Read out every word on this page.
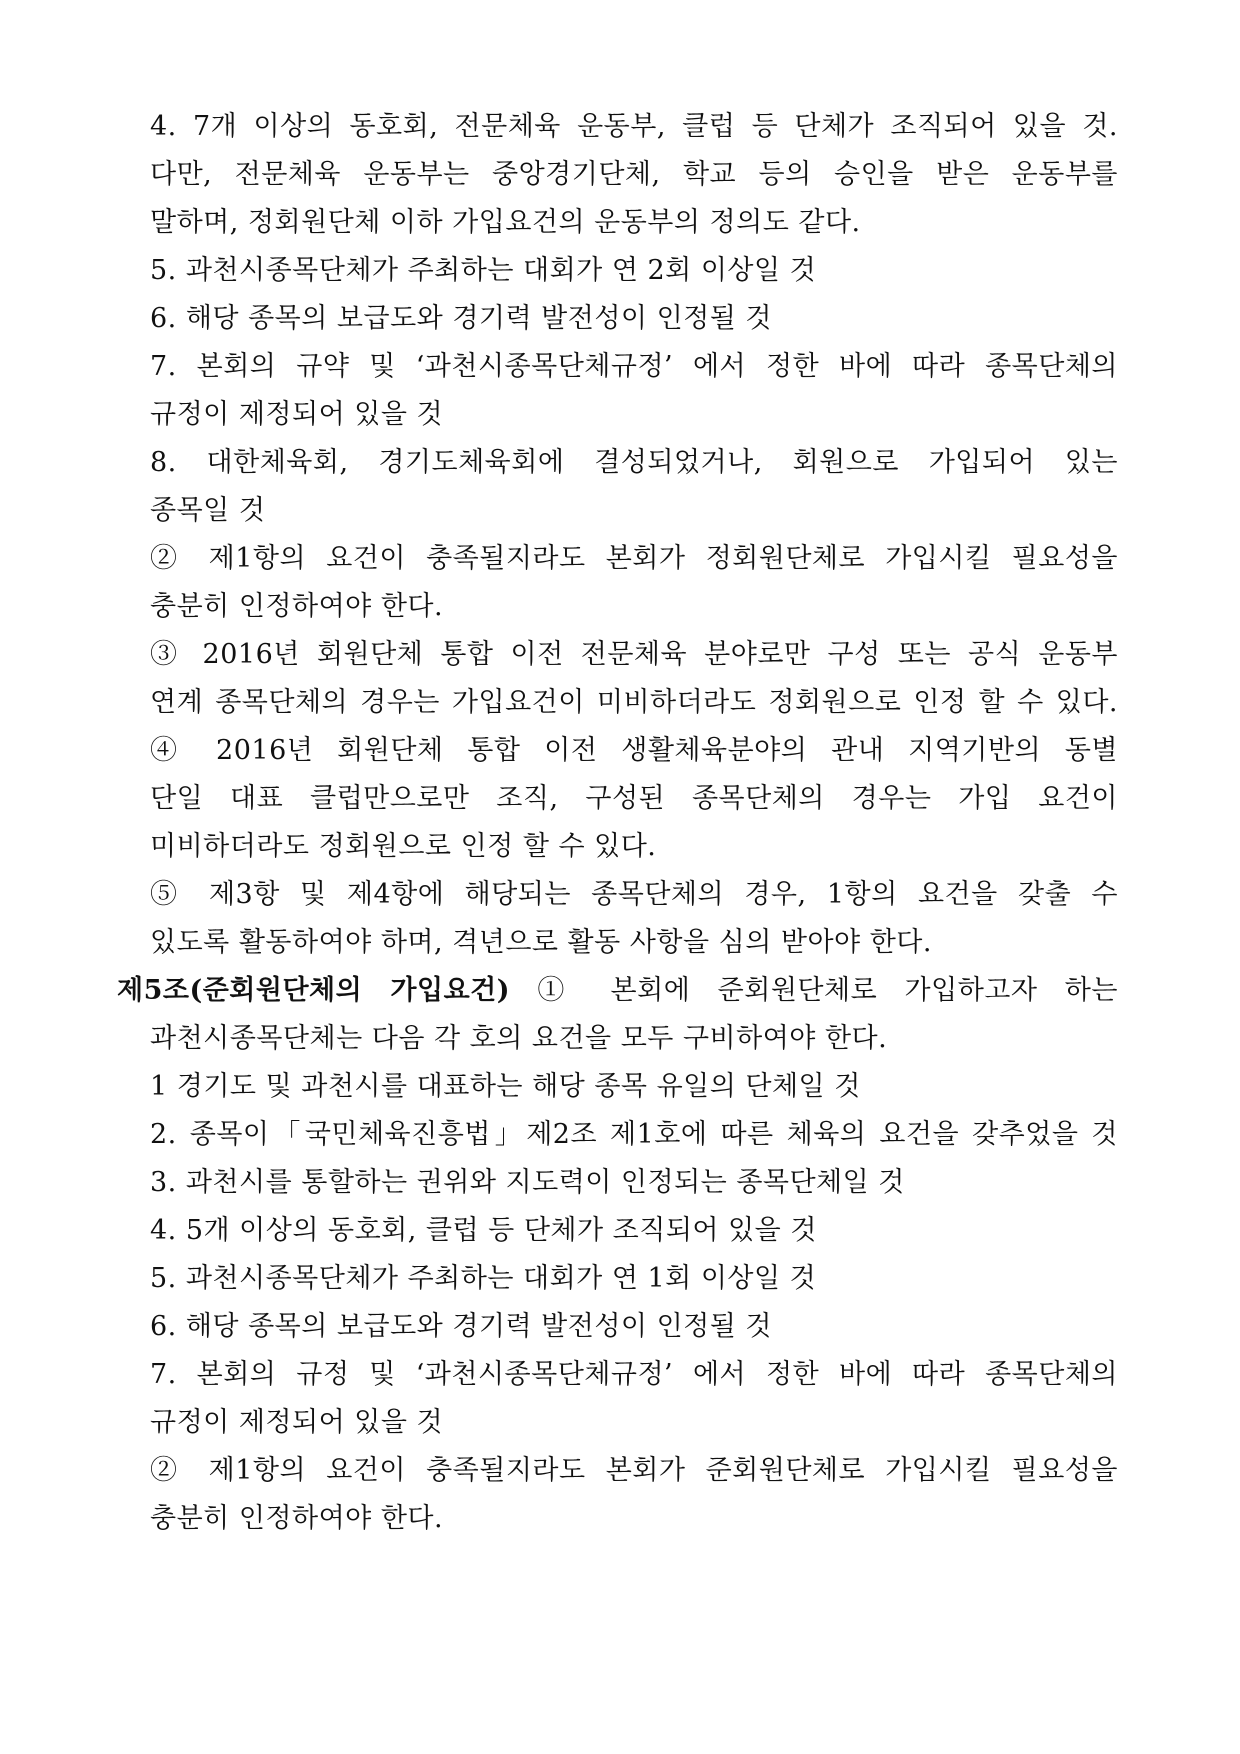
4. 7개 이상의 동호회, 전문체육 운동부, 클럽 등 단체가 조직되어 있을 것.
다만, 전문체육 운동부는 중앙경기단체, 학교 등의 승인을 받은 운동부를
말하며, 정회원단체 이하 가입요건의 운동부의 정의도 같다.
5. 과천시종목단체가 주최하는 대회가 연 2회 이상일 것
6. 해당 종목의 보급도와 경기력 발전성이 인정될 것
7. 본회의 규약 및 ‘과천시종목단체규정’ 에서 정한 바에 따라 종목단체의
규정이 제정되어 있을 것
8. 대한체육회, 경기도체육회에 결성되었거나, 회원으로 가입되어 있는
종목일 것
② 제1항의 요건이 충족될지라도 본회가 정회원단체로 가입시킬 필요성을
충분히 인정하여야 한다.
③ 2016년 회원단체 통합 이전 전문체육 분야로만 구성 또는 공식 운동부
연계 종목단체의 경우는 가입요건이 미비하더라도 정회원으로 인정 할 수 있다.
④ 2016년 회원단체 통합 이전 생활체육분야의 관내 지역기반의 동별
단일 대표 클럽만으로만 조직, 구성된 종목단체의 경우는 가입 요건이
미비하더라도 정회원으로 인정 할 수 있다.
⑤ 제3항 및 제4항에 해당되는 종목단체의 경우, 1항의 요건을 갖출 수
있도록 활동하여야 하며, 격년으로 활동 사항을 심의 받아야 한다.
제5조(준회원단체의 가입요건) ① 본회에 준회원단체로 가입하고자 하는
과천시종목단체는 다음 각 호의 요건을 모두 구비하여야 한다.
1 경기도 및 과천시를 대표하는 해당 종목 유일의 단체일 것
2. 종목이「국민체육진흥법」제2조 제1호에 따른 체육의 요건을 갖추었을 것
3. 과천시를 통할하는 권위와 지도력이 인정되는 종목단체일 것
4. 5개 이상의 동호회, 클럽 등 단체가 조직되어 있을 것
5. 과천시종목단체가 주최하는 대회가 연 1회 이상일 것
6. 해당 종목의 보급도와 경기력 발전성이 인정될 것
7. 본회의 규정 및 ‘과천시종목단체규정’ 에서 정한 바에 따라 종목단체의
규정이 제정되어 있을 것
② 제1항의 요건이 충족될지라도 본회가 준회원단체로 가입시킬 필요성을
충분히 인정하여야 한다.
